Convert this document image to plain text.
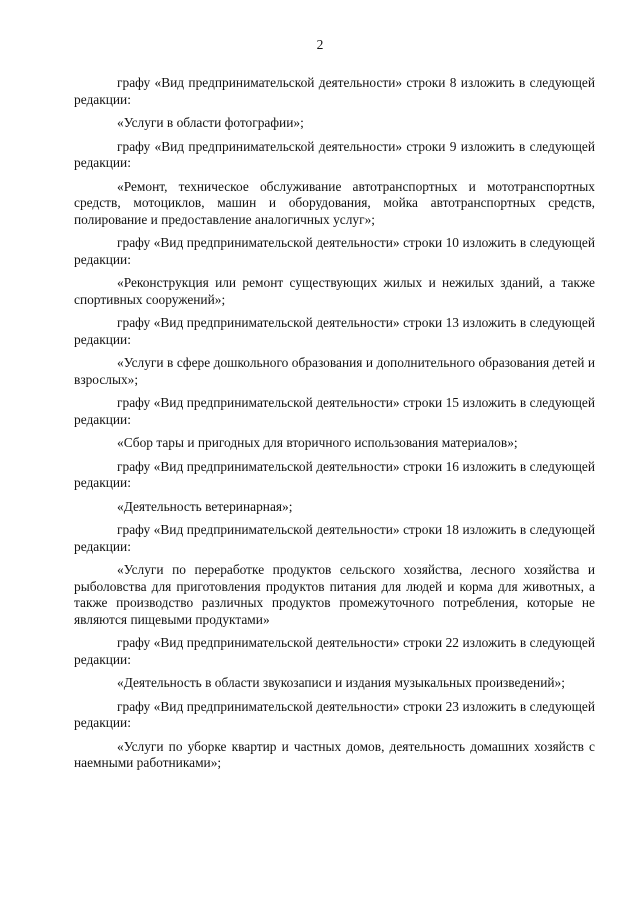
2

графу «Вид предпринимательской деятельности» строки 8 изложить в следующей редакции:

«Услуги в области фотографии»;

графу «Вид предпринимательской деятельности» строки 9 изложить в следующей редакции:

«Ремонт, техническое обслуживание автотранспортных и мототранспортных средств, мотоциклов, машин и оборудования, мойка автотранспортных средств, полирование и предоставление аналогичных услуг»;

графу «Вид предпринимательской деятельности» строки 10 изложить в следующей редакции:

«Реконструкция или ремонт существующих жилых и нежилых зданий, а также спортивных сооружений»;

графу «Вид предпринимательской деятельности» строки 13 изложить в следующей редакции:

«Услуги в сфере дошкольного образования и дополнительного образования детей и взрослых»;

графу «Вид предпринимательской деятельности» строки 15 изложить в следующей редакции:

«Сбор тары и пригодных для вторичного использования материалов»;

графу «Вид предпринимательской деятельности» строки 16 изложить в следующей редакции:

«Деятельность ветеринарная»;

графу «Вид предпринимательской деятельности» строки 18 изложить в следующей редакции:

«Услуги по переработке продуктов сельского хозяйства, лесного хозяйства и рыболовства для приготовления продуктов питания для людей и корма для животных, а также производство различных продуктов промежуточного потребления, которые не являются пищевыми продуктами»

графу «Вид предпринимательской деятельности» строки 22 изложить в следующей редакции:

«Деятельность в области звукозаписи и издания музыкальных произведений»;

графу «Вид предпринимательской деятельности» строки 23 изложить в следующей редакции:

«Услуги по уборке квартир и частных домов, деятельность домашних хозяйств с наемными работниками»;
